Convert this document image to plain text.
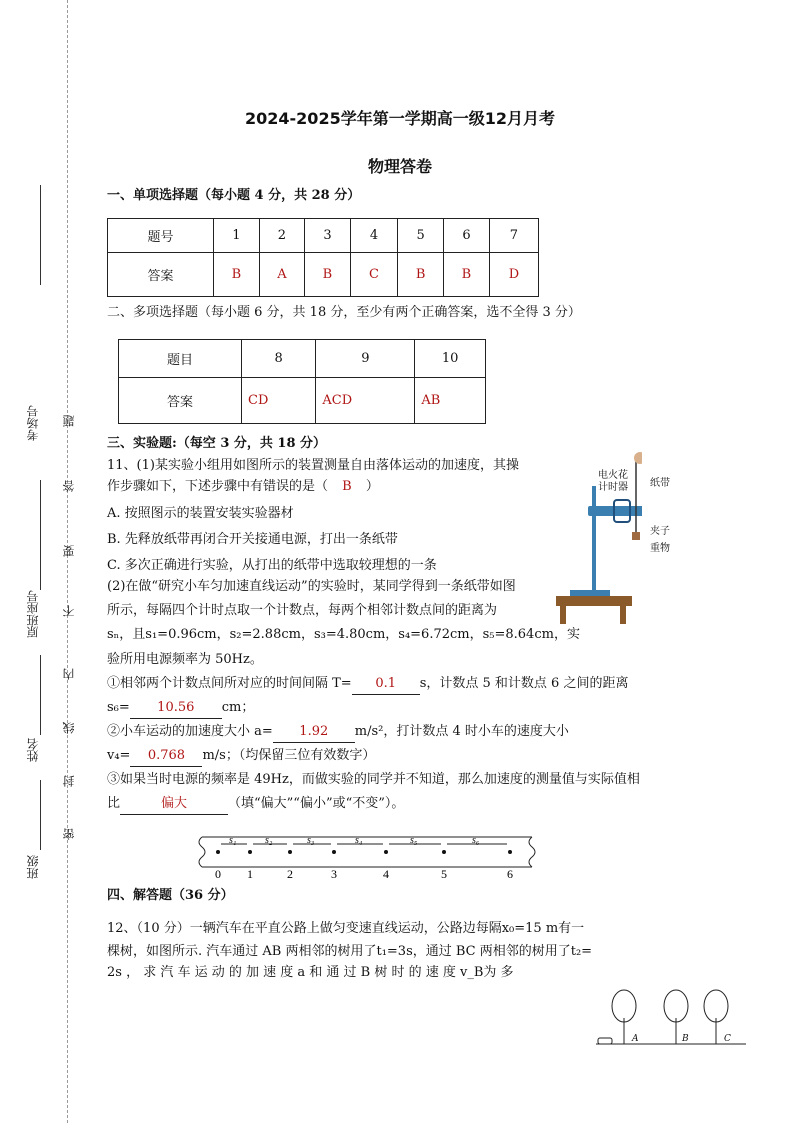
考场号
原班座号
姓名
班级
题
答
要
不
内
线
封
密
2024-2025学年第一学期高一级12月月考
物理答卷
一、单项选择题（每小题 4 分，共 28 分）
题号	1	2	3	4	5	6	7
答案	B	A	B	C	B	B	D
二、多项选择题（每小题 6 分，共 18 分，至少有两个正确答案，选不全得 3 分）
题目	8	9	10
答案	CD	ACD	AB
三、实验题:（每空 3 分，共 18 分）
11、(1)某实验小组用如图所示的装置测量自由落体运动的加速度，其操
作步骤如下，下述步骤中有错误的是（ B ）
A. 按照图示的装置安装实验器材
B. 先释放纸带再闭合开关接通电源，打出一条纸带
C. 多次正确进行实验，从打出的纸带中选取较理想的一条
(2)在做“研究小车匀加速直线运动”的实验时，某同学得到一条纸带如图
所示，每隔四个计时点取一个计数点，每两个相邻计数点间的距离为
sₙ，且s₁=0.96cm，s₂=2.88cm，s₃=4.80cm，s₄=6.72cm，s₅=8.64cm，实
验所用电源频率为 50Hz。
①相邻两个计数点间所对应的时间间隔 T= 0.1 s，计数点 5 和计数点 6 之间的距离
s₆= 10.56 cm；
②小车运动的加速度大小 a= 1.92 m/s²，打计数点 4 时小车的速度大小
v₄= 0.768 m/s；（均保留三位有效数字）
③如果当时电源的频率是 49Hz，而做实验的同学并不知道，那么加速度的测量值与实际值相
比	偏大	（填“偏大”“偏小”或“不变”）。
电火花
计时器 纸带
夹子
重物
0
s₁
1
s₂
2
s₃
3
s₄
4
s₅
5
s₆
6
四、解答题（36 分）
12、（10 分）一辆汽车在平直公路上做匀变速直线运动，公路边每隔x₀=15 m有一
棵树，如图所示. 汽车通过 AB 两相邻的树用了t₁=3s，通过 BC 两相邻的树用了t₂=
2s ， 求 汽 车 运 动 的 加 速 度 a 和 通 过 B 树 时 的 速 度 v_B为 多
A	B	C
